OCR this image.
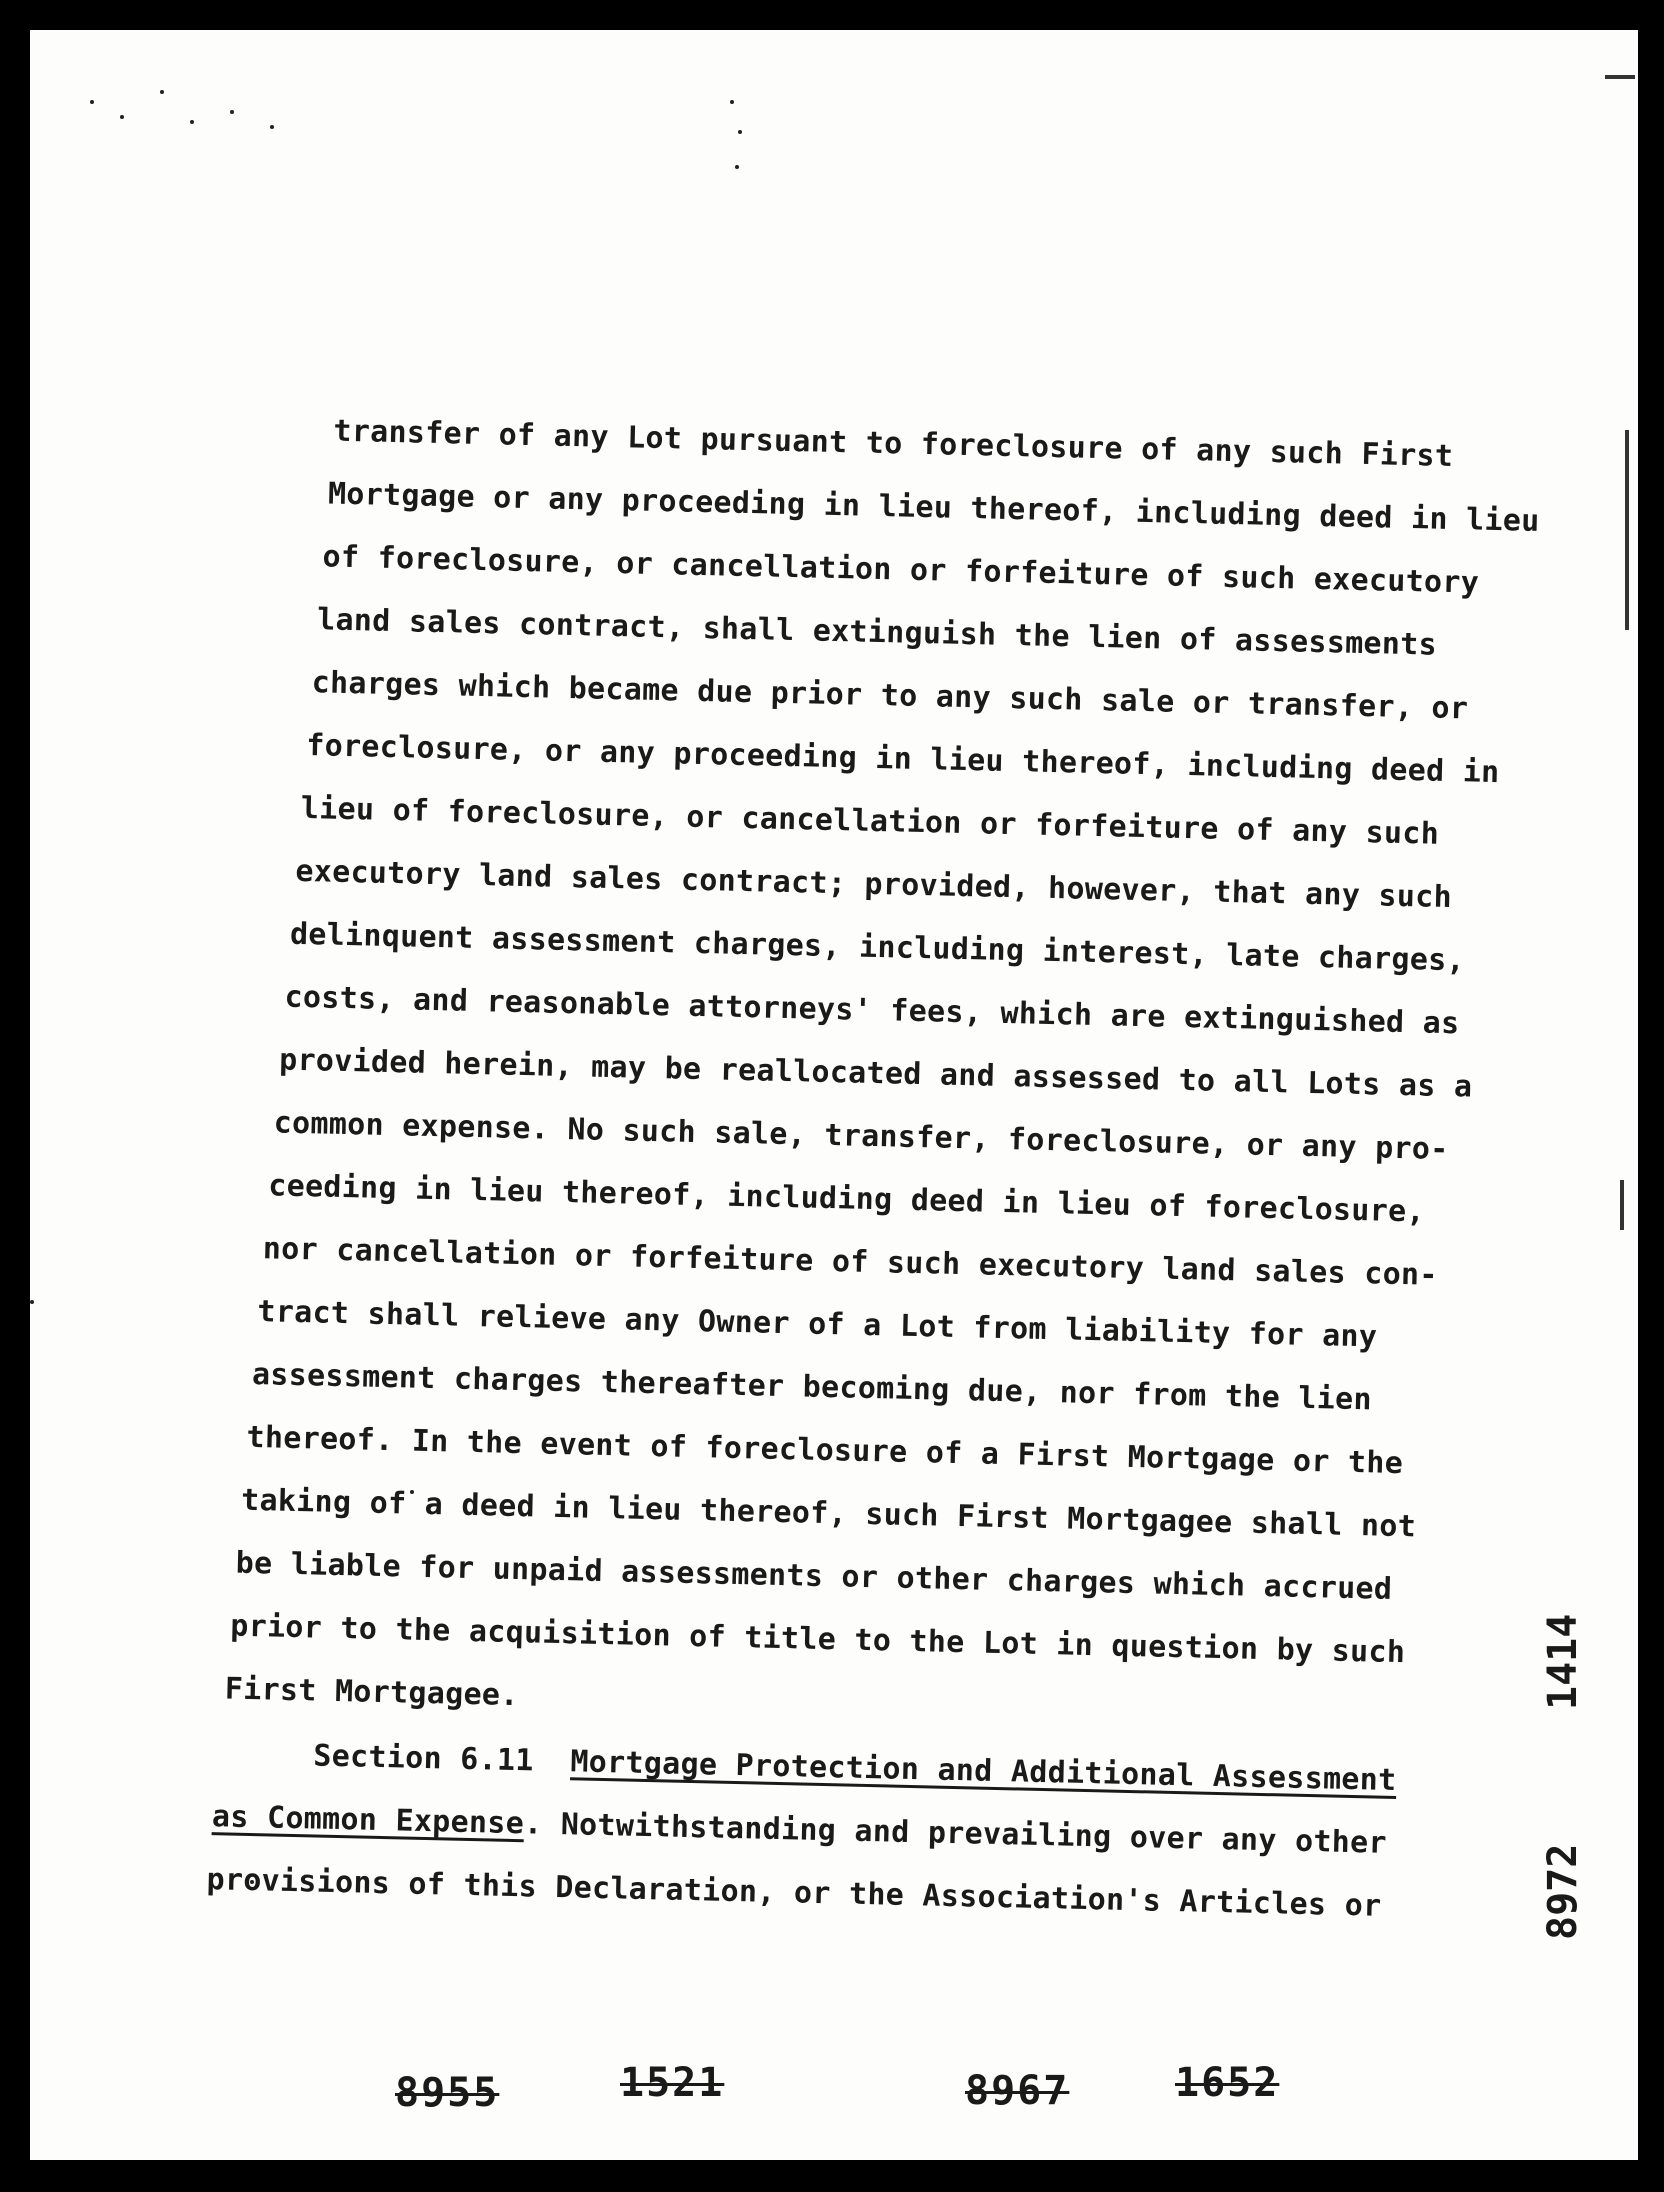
transfer of any Lot pursuant to foreclosure of any such First

Mortgage or any proceeding in lieu thereof, including deed in lieu

of foreclosure, or cancellation or forfeiture of such executory

land sales contract, shall extinguish the lien of assessments

charges which became due prior to any such sale or transfer, or

foreclosure, or any proceeding in lieu thereof, including deed in

lieu of foreclosure, or cancellation or forfeiture of any such

executory land sales contract; provided, however, that any such

delinquent assessment charges, including interest, late charges,

costs, and reasonable attorneys' fees, which are extinguished as

provided herein, may be reallocated and assessed to all Lots as a

common expense. No such sale, transfer, foreclosure, or any pro-

ceeding in lieu thereof, including deed in lieu of foreclosure,

nor cancellation or forfeiture of such executory land sales con-

tract shall relieve any Owner of a Lot from liability for any

assessment charges thereafter becoming due, nor from the lien

thereof. In the event of foreclosure of a First Mortgage or the

taking of a deed in lieu thereof, such First Mortgagee shall not

be liable for unpaid assessments or other charges which accrued

prior to the acquisition of title to the Lot in question by such

First Mortgagee.

Section 6.11 Mortgage Protection and Additional Assessment

as Common Expense. Notwithstanding and prevailing over any other

provisions of this Declaration, or the Association's Articles or

1414
8972
8955	1521	8967	1652
